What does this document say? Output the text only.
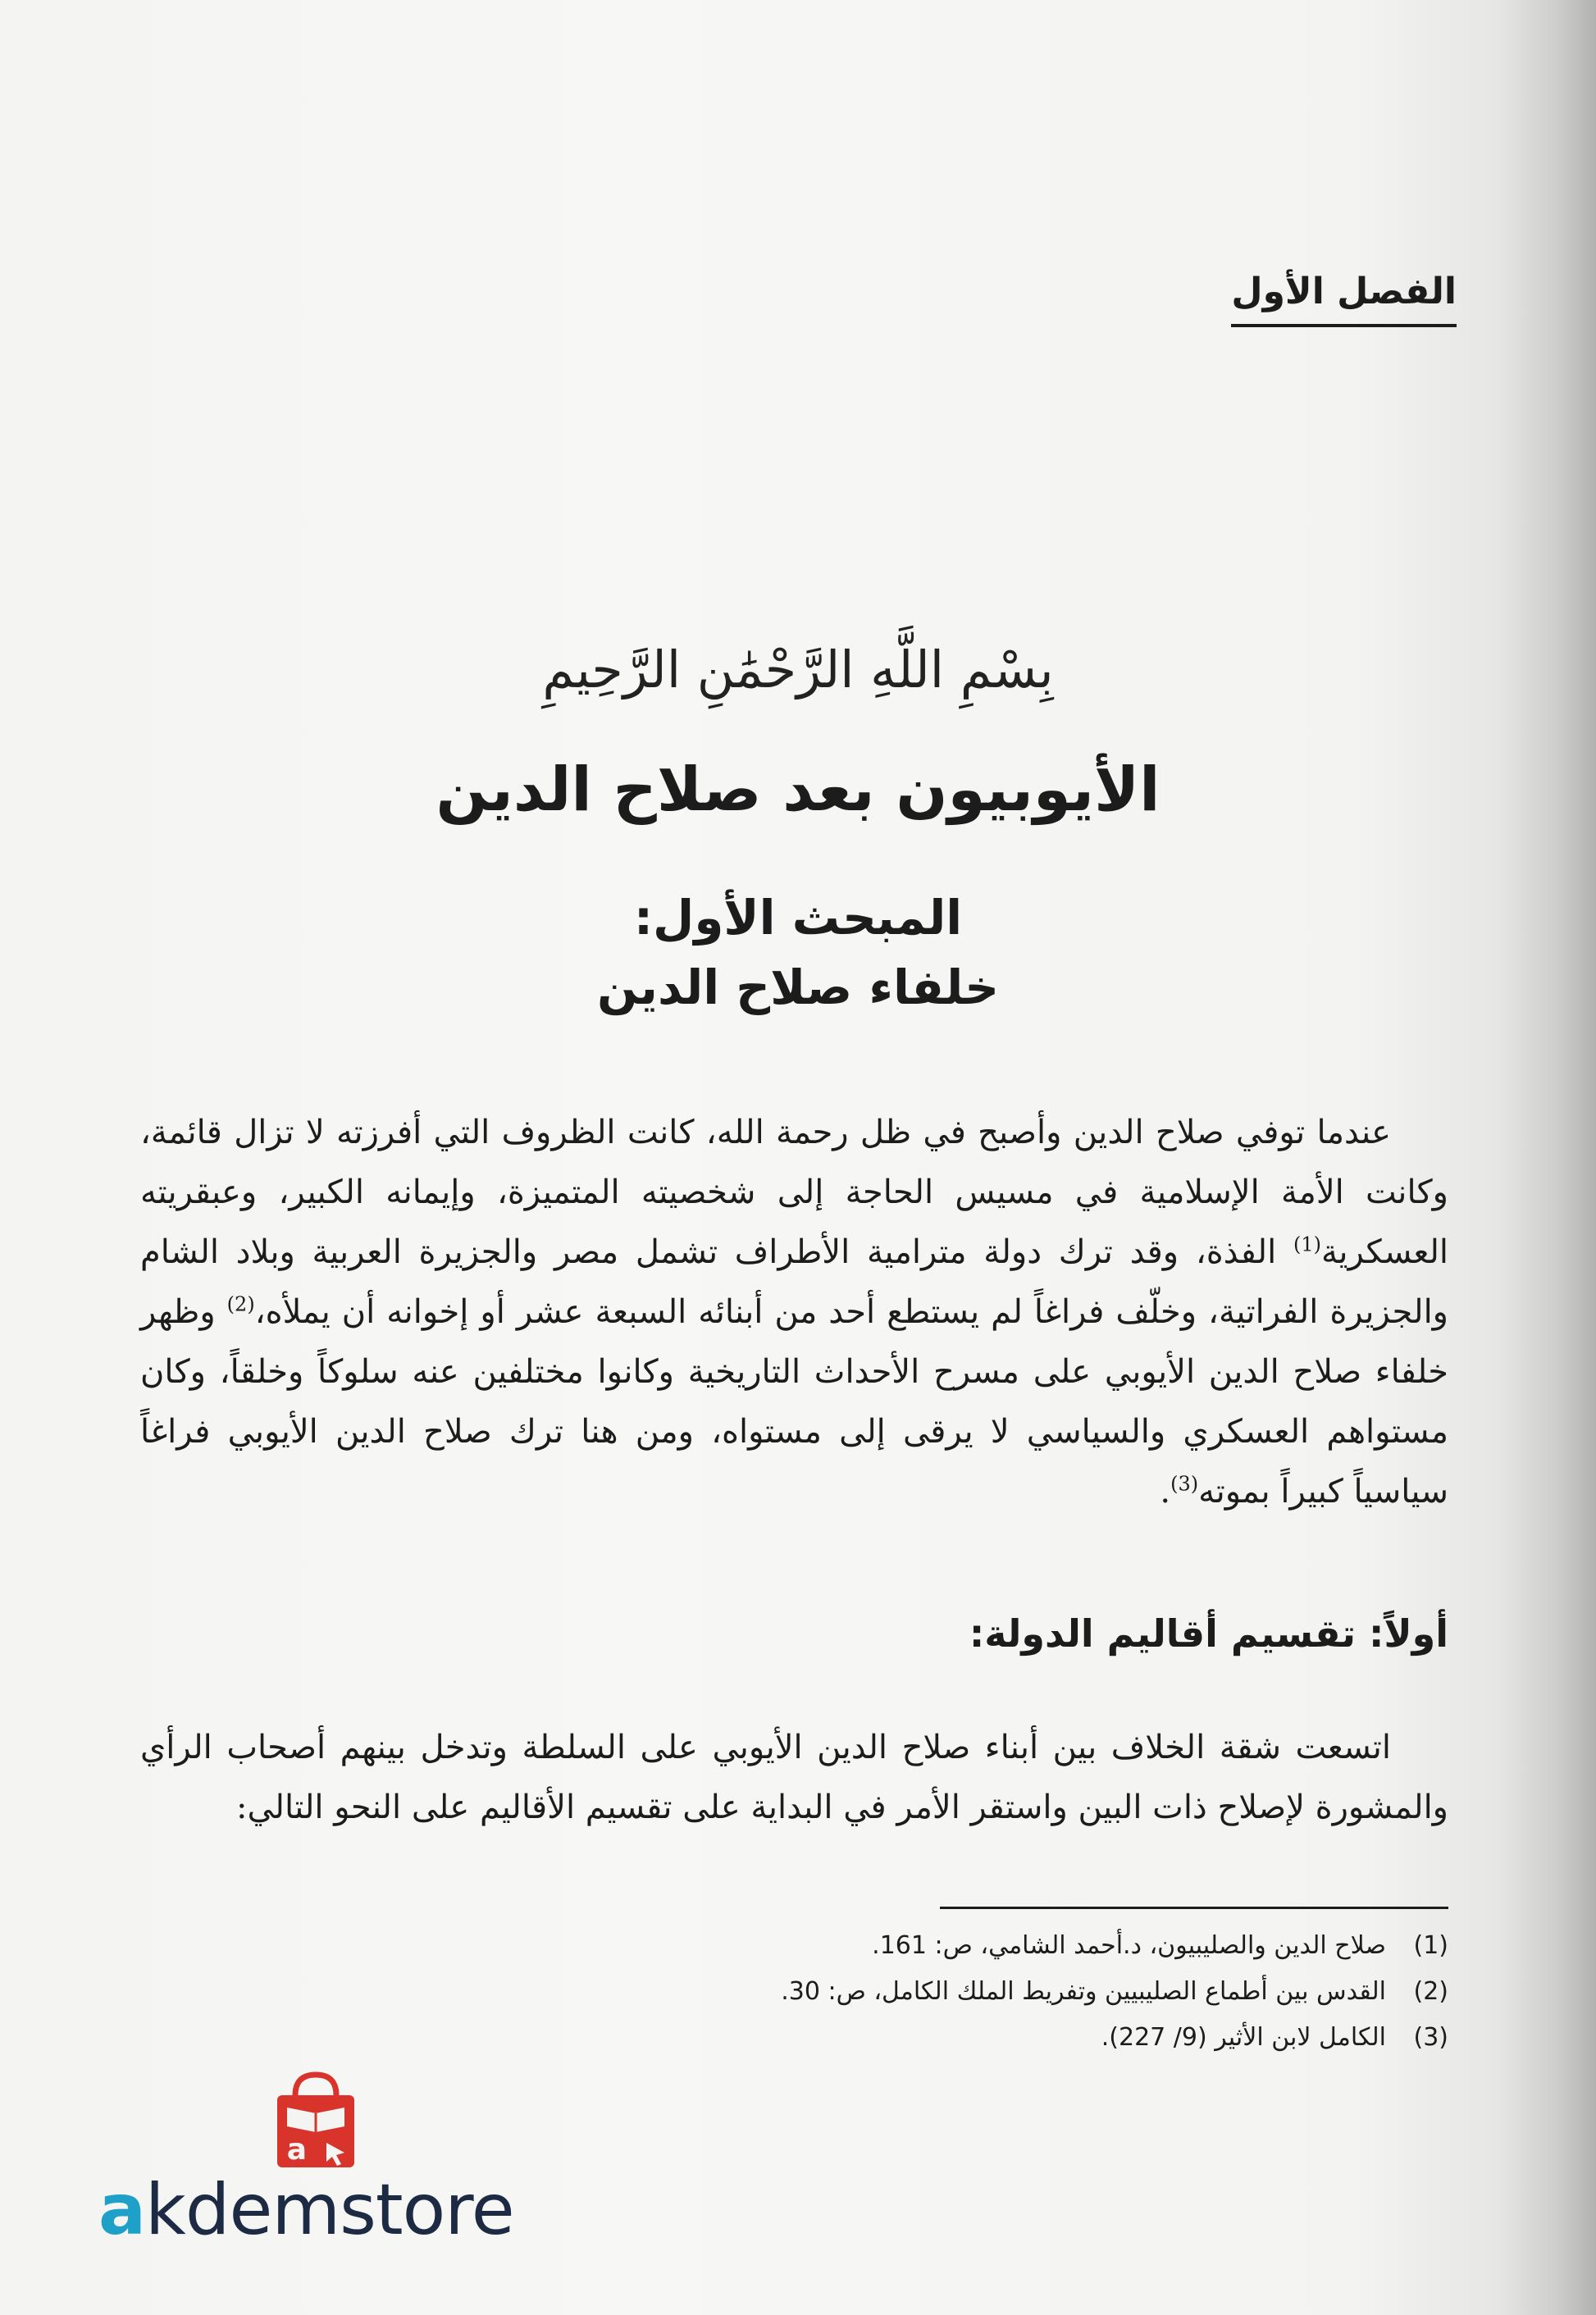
الفصل الأول
بِسْمِ اللَّهِ الرَّحْمَٰنِ الرَّحِيمِ
الأيوبيون بعد صلاح الدين
المبحث الأول:
خلفاء صلاح الدين

عندما توفي صلاح الدين وأصبح في ظل رحمة الله، كانت الظروف التي أفرزته لا تزال قائمة، وكانت الأمة الإسلامية في مسيس الحاجة إلى شخصيته المتميزة، وإيمانه الكبير، وعبقريته العسكرية$^{(1)}$ الفذة، وقد ترك دولة مترامية الأطراف تشمل مصر والجزيرة العربية وبلاد الشام والجزيرة الفراتية، وخلّف فراغاً لم يستطع أحد من أبنائه السبعة عشر أو إخوانه أن يملأه،$^{(2)}$ وظهر خلفاء صلاح الدين الأيوبي على مسرح الأحداث التاريخية وكانوا مختلفين عنه سلوكاً وخلقاً، وكان مستواهم العسكري والسياسي لا يرقى إلى مستواه، ومن هنا ترك صلاح الدين الأيوبي فراغاً سياسياً كبيراً بموته$^{(3)}$.

أولاً: تقسيم أقاليم الدولة:

اتسعت شقة الخلاف بين أبناء صلاح الدين الأيوبي على السلطة وتدخل بينهم أصحاب الرأي والمشورة لإصلاح ذات البين واستقر الأمر في البداية على تقسيم الأقاليم على النحو التالي:

(1)
صلاح الدين والصليبيون، د.أحمد الشامي، ص: 161.
(2)
القدس بين أطماع الصليبيين وتفريط الملك الكامل، ص: 30.
(3)
الكامل لابن الأثير (9/ 227).
a
akdemstore
